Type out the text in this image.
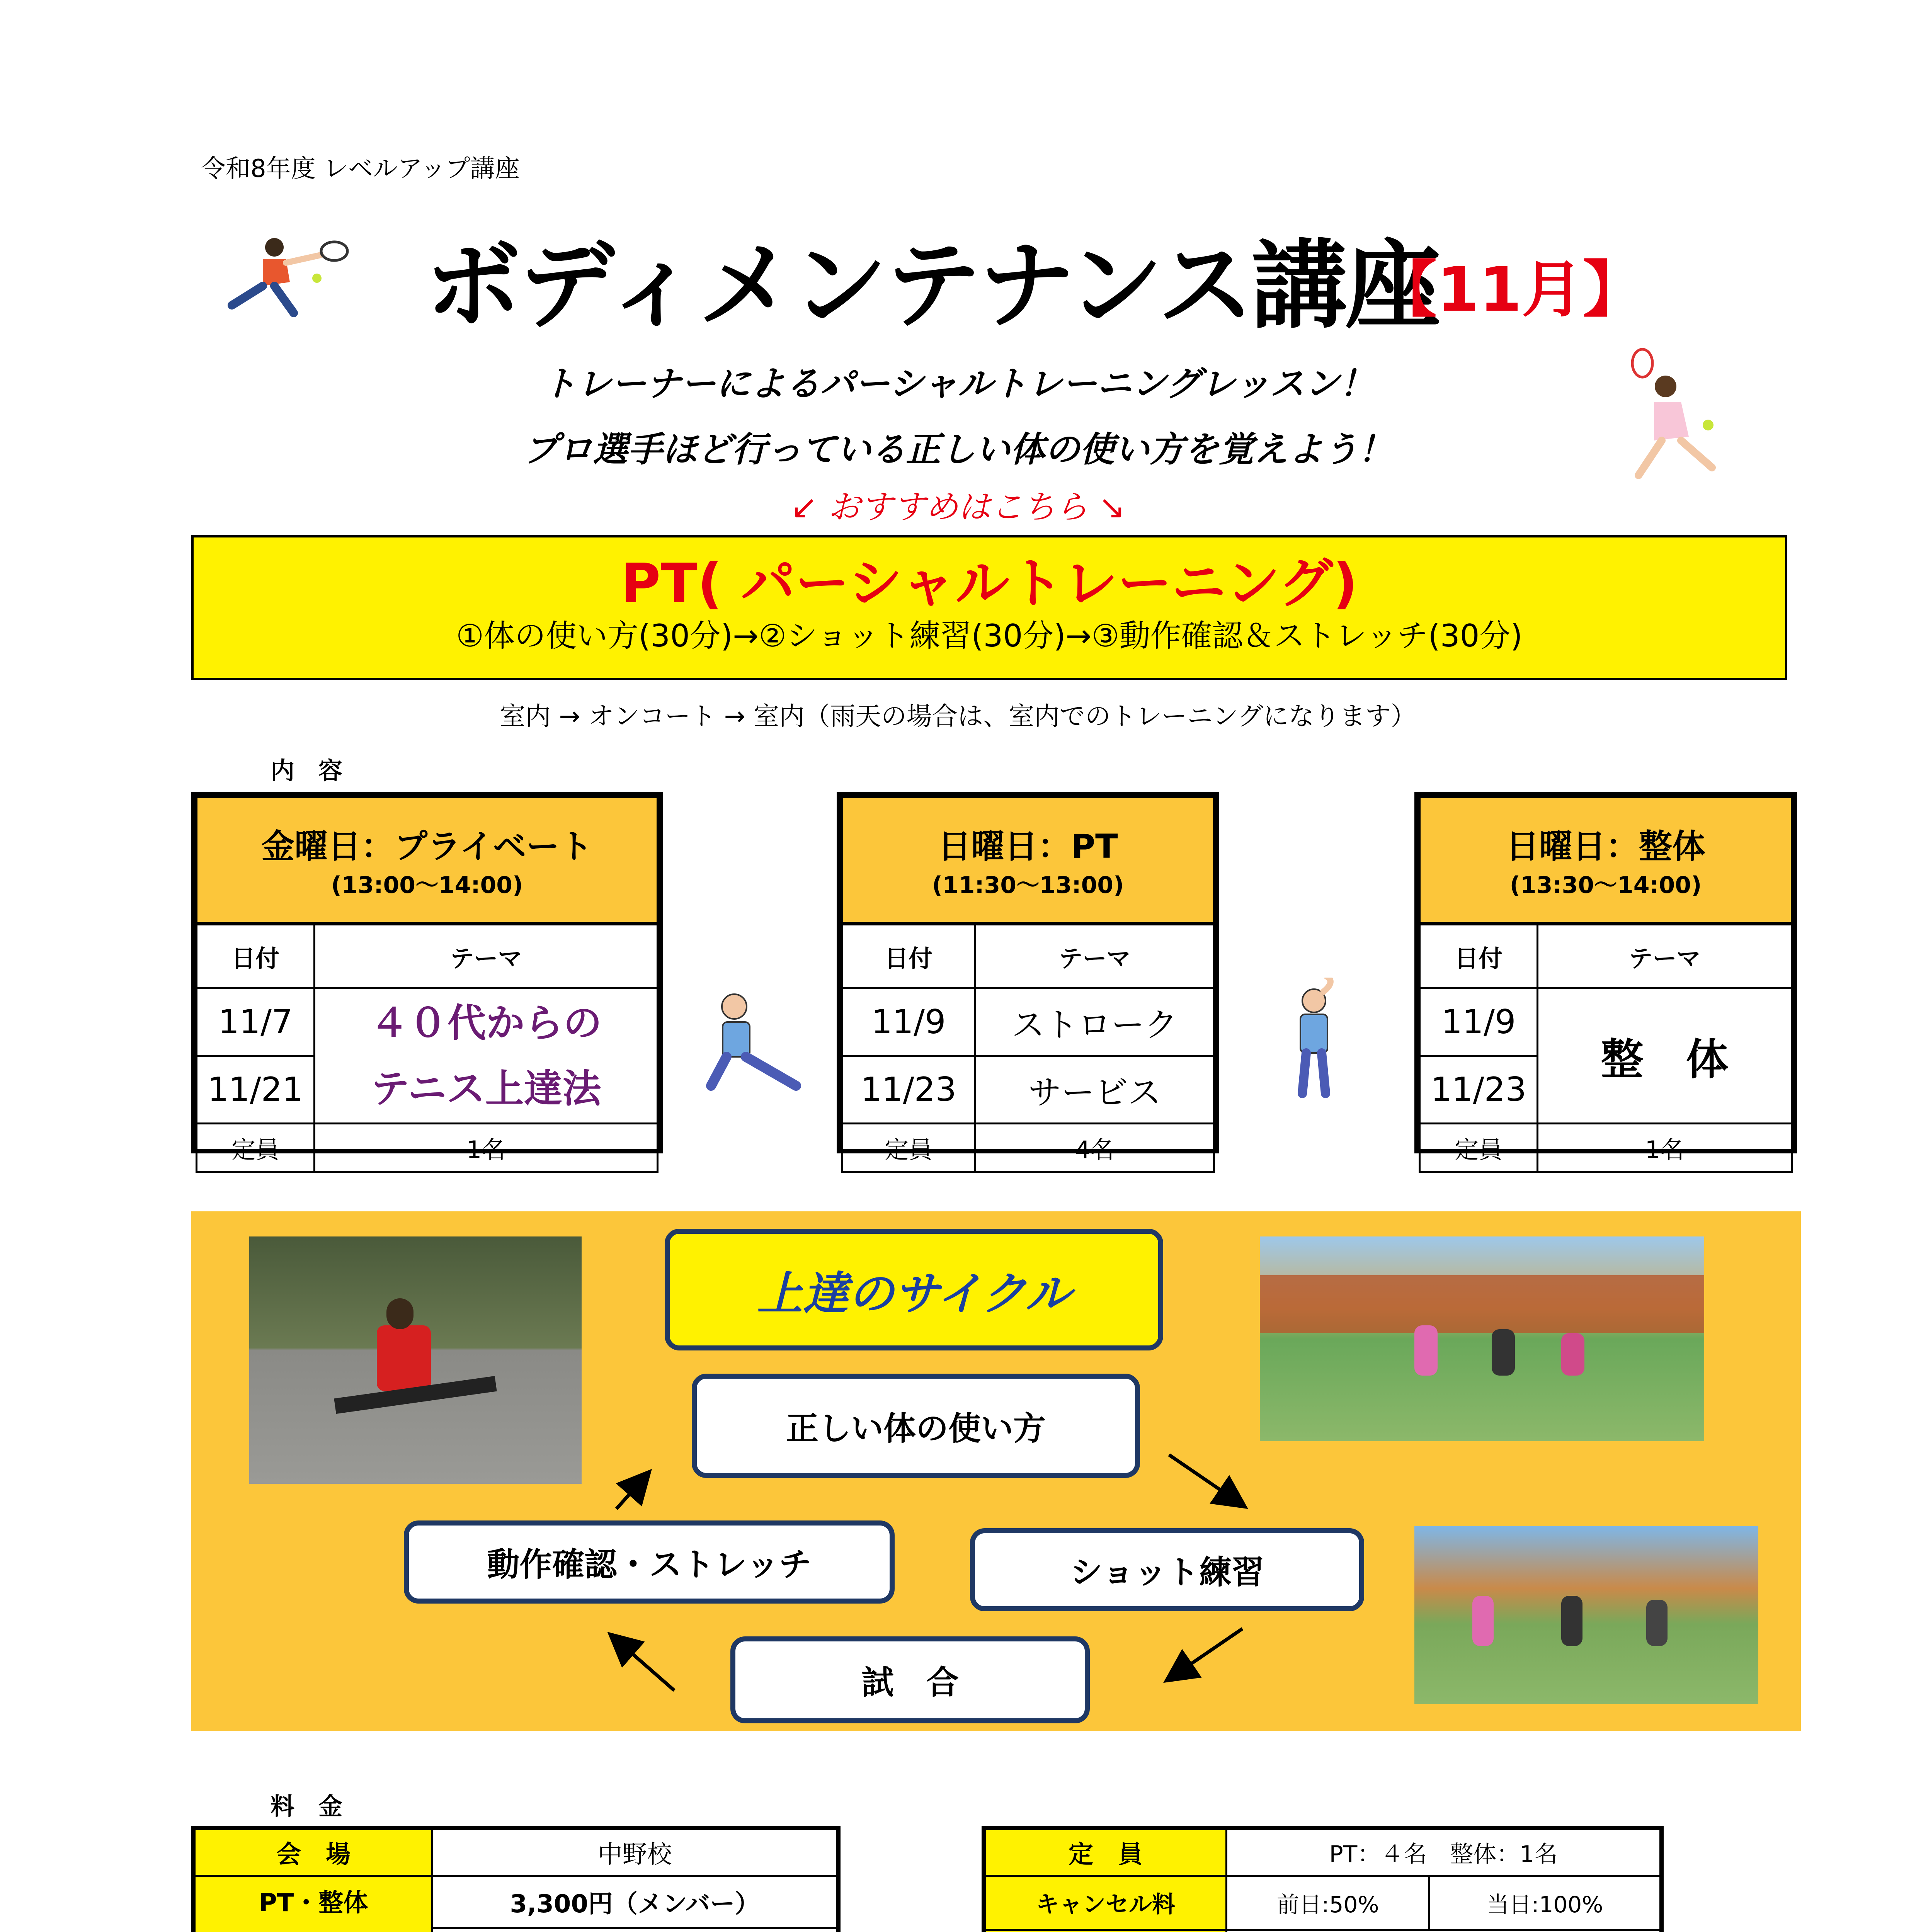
令和8年度 レベルアップ講座
ボディメンテナンス講座
【11月】
トレーナーによるパーシャルトレーニングレッスン！
プロ選手ほど行っている正しい体の使い方を覚えよう！
↙ おすすめはこちら ↘
PT( パーシャルトレーニング)
①体の使い方(30分)→②ショット練習(30分)→③動作確認＆ストレッチ(30分)
室内 → オンコート → 室内（雨天の場合は、室内でのトレーニングになります）
内　容
金曜日：プライベート
(13:00～14:00)	

日付	テーマ
11/7	４０代からの
テニス上達法

11/21	
定員	1名
日曜日：PT
(11:30～13:00)	

日付	テーマ
11/9	ストローク
11/23	サービス
定員	4名
日曜日：整体
(13:30～14:00)	

日付	テーマ
11/9	整　体
11/23	
定員	1名
上達のサイクル
正しい体の使い方
動作確認・ストレッチ	ショット練習
試　合
料　金
会　場	中野校

PT・整体	3,300円（メンバー）

定　員	PT：４名　整体：1名	
キャンセル料	前日:50%	当日:100%
